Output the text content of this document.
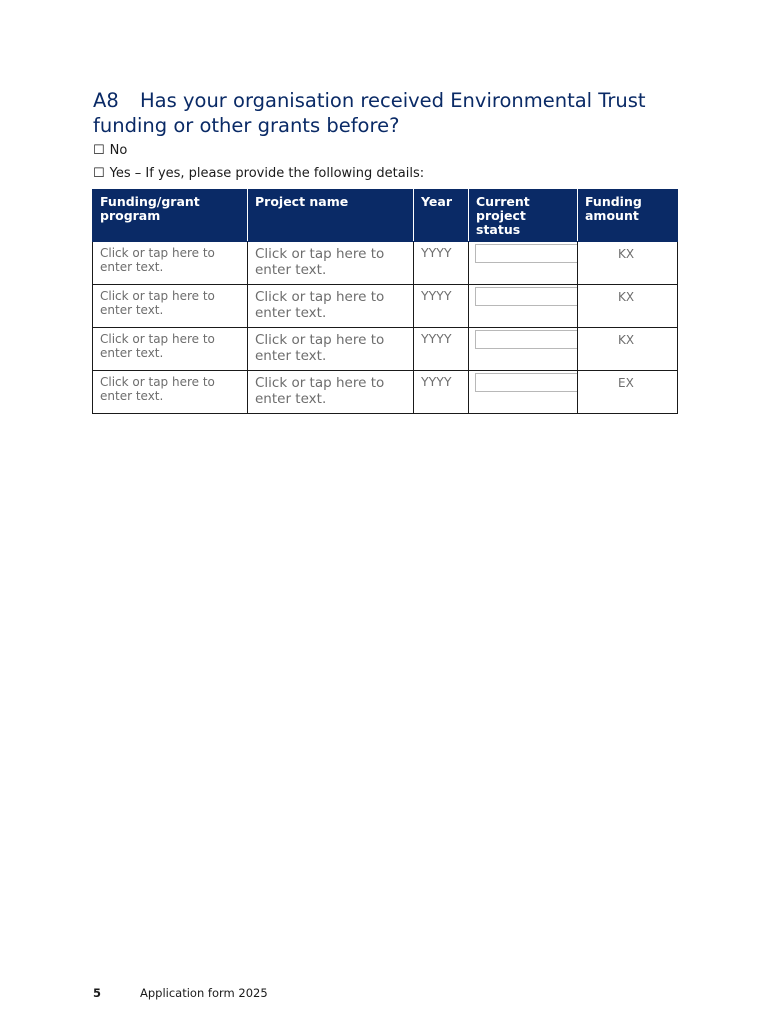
A8 Has your organisation received Environmental Trust funding or other grants before?
☐ No
☐ Yes – If yes, please provide the following details:
Funding/grant program	Project name	Year	Current project status	Funding amount
Click or tap here to enter text.	Click or tap here to enter text.	YYYY		KX

Click or tap here to enter text.	Click or tap here to enter text.	YYYY		KX

Click or tap here to enter text.	Click or tap here to enter text.	YYYY		KX

Click or tap here to enter text.	Click or tap here to enter text.	YYYY		EX
5	Application form 2025
